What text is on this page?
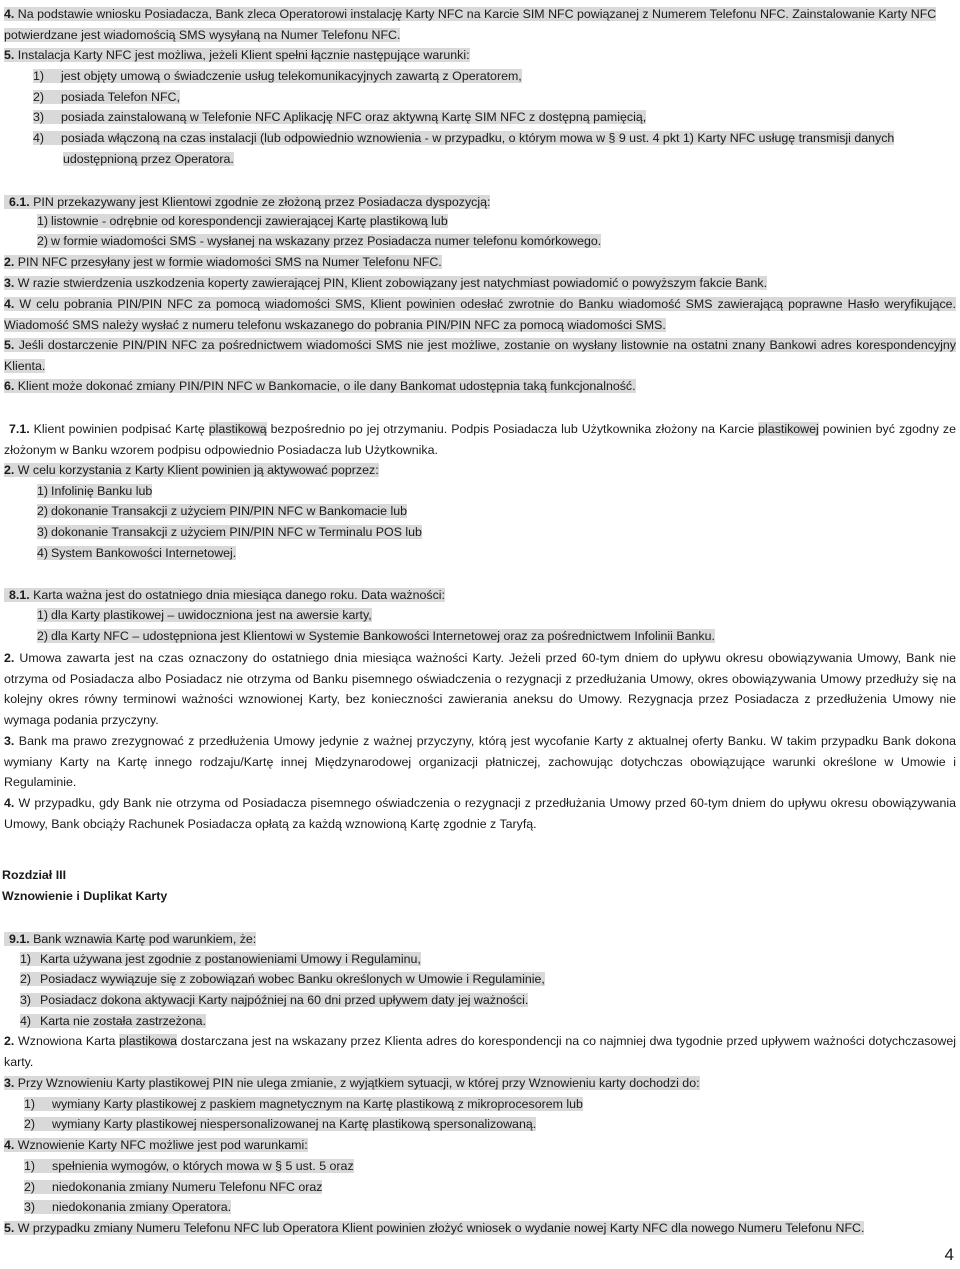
4. Na podstawie wniosku Posiadacza, Bank zleca Operatorowi instalację Karty NFC na Karcie SIM NFC powiązanej z Numerem Telefonu NFC. Zainstalowanie Karty NFC potwierdzane jest wiadomością SMS wysyłaną na Numer Telefonu NFC.

5. Instalacja Karty NFC jest możliwa, jeżeli Klient spełni łącznie następujące warunki:

1) jest objęty umową o świadczenie usług telekomunikacyjnych zawartą z Operatorem,
2) posiada Telefon NFC,
3) posiada zainstalowaną w Telefonie NFC Aplikację NFC oraz aktywną Kartę SIM NFC z dostępną pamięcią,
4) posiada włączoną na czas instalacji (lub odpowiednio wznowienia - w przypadku, o którym mowa w § 9 ust. 4 pkt 1) Karty NFC usługę transmisji danych
udostępnioną przez Operatora.

6.1. PIN przekazywany jest Klientowi zgodnie ze złożoną przez Posiadacza dyspozycją:

1) listownie - odrębnie od korespondencji zawierającej Kartę plastikową lub
2) w formie wiadomości SMS - wysłanej na wskazany przez Posiadacza numer telefonu komórkowego.

2. PIN NFC przesyłany jest w formie wiadomości SMS na Numer Telefonu NFC.

3. W razie stwierdzenia uszkodzenia koperty zawierającej PIN, Klient zobowiązany jest natychmiast powiadomić o powyższym fakcie Bank.

4. W celu pobrania PIN/PIN NFC za pomocą wiadomości SMS, Klient powinien odesłać zwrotnie do Banku wiadomość SMS zawierającą poprawne Hasło weryfikujące. Wiadomość SMS należy wysłać z numeru telefonu wskazanego do pobrania PIN/PIN NFC za pomocą wiadomości SMS.

5. Jeśli dostarczenie PIN/PIN NFC za pośrednictwem wiadomości SMS nie jest możliwe, zostanie on wysłany listownie na ostatni znany Bankowi adres korespondencyjny Klienta.

6. Klient może dokonać zmiany PIN/PIN NFC w Bankomacie, o ile dany Bankomat udostępnia taką funkcjonalność.

7.1. Klient powinien podpisać Kartę plastikową bezpośrednio po jej otrzymaniu. Podpis Posiadacza lub Użytkownika złożony na Karcie plastikowej powinien być zgodny ze złożonym w Banku wzorem podpisu odpowiednio Posiadacza lub Użytkownika.

2. W celu korzystania z Karty Klient powinien ją aktywować poprzez:

1) Infolinię Banku lub
2) dokonanie Transakcji z użyciem PIN/PIN NFC w Bankomacie lub
3) dokonanie Transakcji z użyciem PIN/PIN NFC w Terminalu POS lub
4) System Bankowości Internetowej.

8.1. Karta ważna jest do ostatniego dnia miesiąca danego roku. Data ważności:

1) dla Karty plastikowej – uwidoczniona jest na awersie karty,
2) dla Karty NFC – udostępniona jest Klientowi w Systemie Bankowości Internetowej oraz za pośrednictwem Infolinii Banku.

2. Umowa zawarta jest na czas oznaczony do ostatniego dnia miesiąca ważności Karty. Jeżeli przed 60-tym dniem do upływu okresu obowiązywania Umowy, Bank nie otrzyma od Posiadacza albo Posiadacz nie otrzyma od Banku pisemnego oświadczenia o rezygnacji z przedłużania Umowy, okres obowiązywania Umowy przedłuży się na kolejny okres równy terminowi ważności wznowionej Karty, bez konieczności zawierania aneksu do Umowy. Rezygnacja przez Posiadacza z przedłużenia Umowy nie wymaga podania przyczyny.

3. Bank ma prawo zrezygnować z przedłużenia Umowy jedynie z ważnej przyczyny, którą jest wycofanie Karty z aktualnej oferty Banku. W takim przypadku Bank dokona wymiany Karty na Kartę innego rodzaju/Kartę innej Międzynarodowej organizacji płatniczej, zachowując dotychczas obowiązujące warunki określone w Umowie i Regulaminie.

4. W przypadku, gdy Bank nie otrzyma od Posiadacza pisemnego oświadczenia o rezygnacji z przedłużania Umowy przed 60-tym dniem do upływu okresu obowiązywania Umowy, Bank obciąży Rachunek Posiadacza opłatą za każdą wznowioną Kartę zgodnie z Taryfą.

Rozdział III
Wznowienie i Duplikat Karty

9.1. Bank wznawia Kartę pod warunkiem, że:

1) Karta używana jest zgodnie z postanowieniami Umowy i Regulaminu,
2) Posiadacz wywiązuje się z zobowiązań wobec Banku określonych w Umowie i Regulaminie,
3) Posiadacz dokona aktywacji Karty najpóźniej na 60 dni przed upływem daty jej ważności.
4) Karta nie została zastrzeżona.

2. Wznowiona Karta plastikowa dostarczana jest na wskazany przez Klienta adres do korespondencji na co najmniej dwa tygodnie przed upływem ważności dotychczasowej karty.

3. Przy Wznowieniu Karty plastikowej PIN nie ulega zmianie, z wyjątkiem sytuacji, w której przy Wznowieniu karty dochodzi do:

1) wymiany Karty plastikowej z paskiem magnetycznym na Kartę plastikową z mikroprocesorem lub
2) wymiany Karty plastikowej niespersonalizowanej na Kartę plastikową spersonalizowaną.

4. Wznowienie Karty NFC możliwe jest pod warunkami:

1) spełnienia wymogów, o których mowa w § 5 ust. 5 oraz
2) niedokonania zmiany Numeru Telefonu NFC oraz
3) niedokonania zmiany Operatora.

5. W przypadku zmiany Numeru Telefonu NFC lub Operatora Klient powinien złożyć wniosek o wydanie nowej Karty NFC dla nowego Numeru Telefonu NFC.

4
